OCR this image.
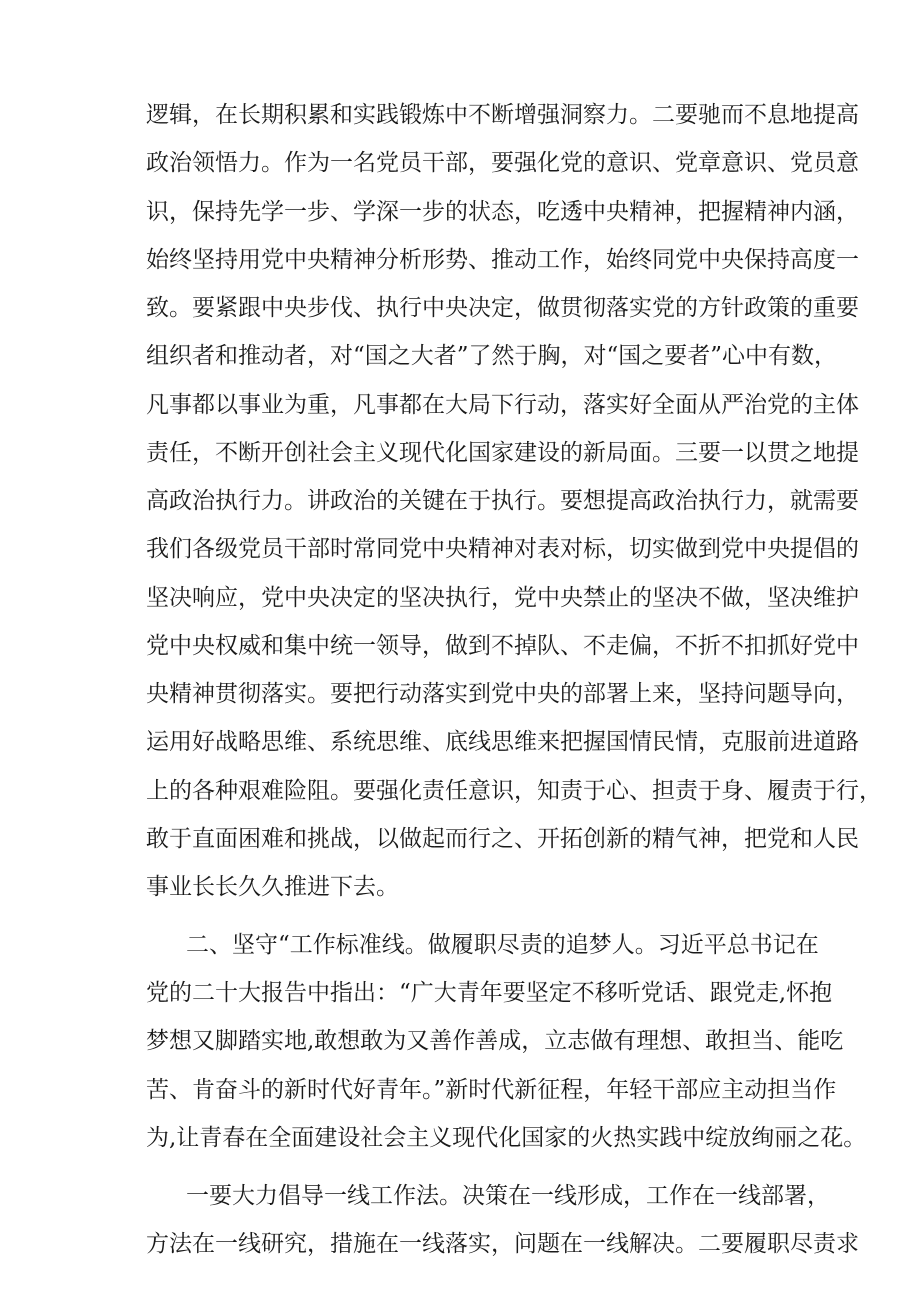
逻辑，在长期积累和实践锻炼中不断增强洞察力。二要驰而不息地提高
政治领悟力。作为一名党员干部，要强化党的意识、党章意识、党员意
识，保持先学一步、学深一步的状态，吃透中央精神，把握精神内涵，
始终坚持用党中央精神分析形势、推动工作，始终同党中央保持高度一
致。要紧跟中央步伐、执行中央决定，做贯彻落实党的方针政策的重要
组织者和推动者，对“国之大者”了然于胸，对“国之要者”心中有数，
凡事都以事业为重，凡事都在大局下行动，落实好全面从严治党的主体
责任，不断开创社会主义现代化国家建设的新局面。三要一以贯之地提
高政治执行力。讲政治的关键在于执行。要想提高政治执行力，就需要
我们各级党员干部时常同党中央精神对表对标，切实做到党中央提倡的
坚决响应，党中央决定的坚决执行，党中央禁止的坚决不做，坚决维护
党中央权威和集中统一领导，做到不掉队、不走偏，不折不扣抓好党中
央精神贯彻落实。要把行动落实到党中央的部署上来，坚持问题导向，
运用好战略思维、系统思维、底线思维来把握国情民情，克服前进道路
上的各种艰难险阻。要强化责任意识，知责于心、担责于身、履责于行，
敢于直面困难和挑战，以做起而行之、开拓创新的精气神，把党和人民
事业长长久久推进下去。
二、坚守“工作标准线。做履职尽责的追梦人。习近平总书记在
党的二十大报告中指出：“广大青年要坚定不移听党话、跟党走,怀抱
梦想又脚踏实地,敢想敢为又善作善成，立志做有理想、敢担当、能吃
苦、肯奋斗的新时代好青年。”新时代新征程，年轻干部应主动担当作
为,让青春在全面建设社会主义现代化国家的火热实践中绽放绚丽之花。
一要大力倡导一线工作法。决策在一线形成，工作在一线部署，
方法在一线研究，措施在一线落实，问题在一线解决。二要履职尽责求
